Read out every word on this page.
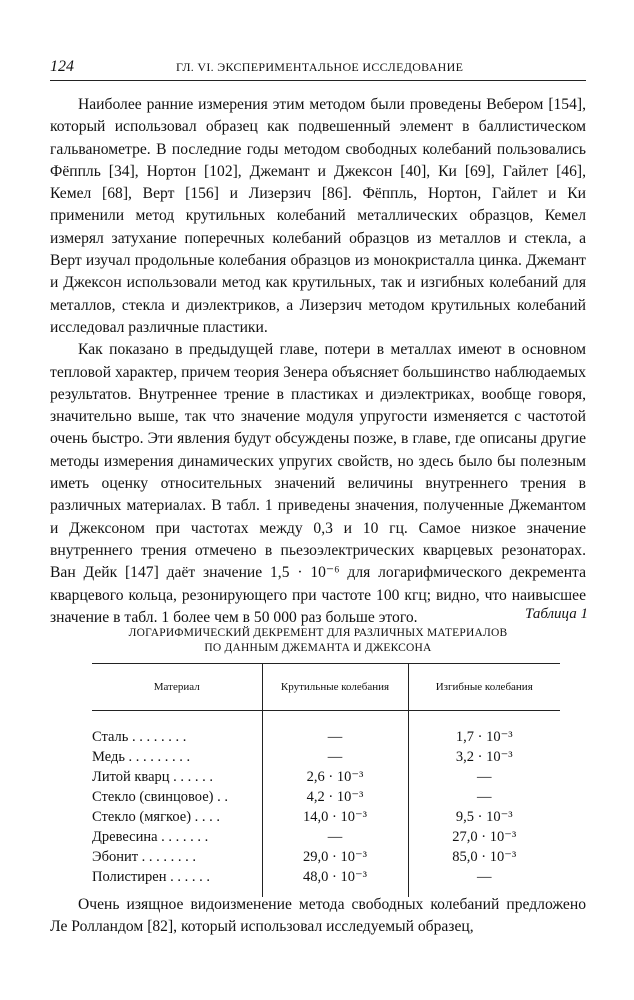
124	ГЛ. VI. ЭКСПЕРИМЕНТАЛЬНОЕ ИССЛЕДОВАНИЕ

Наиболее ранние измерения этим методом были проведены Вебером [154], который использовал образец как подвешенный элемент в баллистическом гальванометре. В последние годы методом свободных колебаний пользовались Фёппль [34], Нортон [102], Джемант и Джексон [40], Ки [69], Гайлет [46], Кемел [68], Верт [156] и Лизерзич [86]. Фёппль, Нортон, Гайлет и Ки применили метод крутильных колебаний металлических образцов, Кемел измерял затухание поперечных колебаний образцов из металлов и стекла, а Верт изучал продольные колебания образцов из монокристалла цинка. Джемант и Джексон использовали метод как крутильных, так и изгибных колебаний для металлов, стекла и диэлектриков, а Лизерзич методом крутильных колебаний исследовал различные пластики.

Как показано в предыдущей главе, потери в металлах имеют в основном тепловой характер, причем теория Зенера объясняет большинство наблюдаемых результатов. Внутреннее трение в пластиках и диэлектриках, вообще говоря, значительно выше, так что значение модуля упругости изменяется с частотой очень быстро. Эти явления будут обсуждены позже, в главе, где описаны другие методы измерения динамических упругих свойств, но здесь было бы полезным иметь оценку относительных значений величины внутреннего трения в различных материалах. В табл. 1 приведены значения, полученные Джемантом и Джексоном при частотах между 0,3 и 10 гц. Самое низкое значение внутреннего трения отмечено в пьезоэлектрических кварцевых резонаторах. Ван Дейк [147] даёт значение 1,5 · 10⁻⁶ для логарифмического декремента кварцевого кольца, резонирующего при частоте 100 кгц; видно, что наивысшее значение в табл. 1 более чем в 50 000 раз больше этого.	Таблица 1
ЛОГАРИФМИЧЕСКИЙ ДЕКРЕМЕНТ ДЛЯ РАЗЛИЧНЫХ МАТЕРИАЛОВ
ПО ДАННЫМ ДЖЕМАНТА И ДЖЕКСОНА
Материал	Крутильные колебания	Изгибные колебания

Сталь . . . . . . . .	—	1,7 · 10⁻³
Медь . . . . . . . . .	—	3,2 · 10⁻³
Литой кварц . . . . . .	2,6 · 10⁻³	—
Стекло (свинцовое) . .	4,2 · 10⁻³	—
Стекло (мягкое) . . . .	14,0 · 10⁻³	9,5 · 10⁻³
Древесина . . . . . . .	—	27,0 · 10⁻³
Эбонит . . . . . . . .	29,0 · 10⁻³	85,0 · 10⁻³
Полистирен . . . . . .	48,0 · 10⁻³	—

Очень изящное видоизменение метода свободных колебаний предложено Ле Ролландом [82], который использовал исследуемый образец,
